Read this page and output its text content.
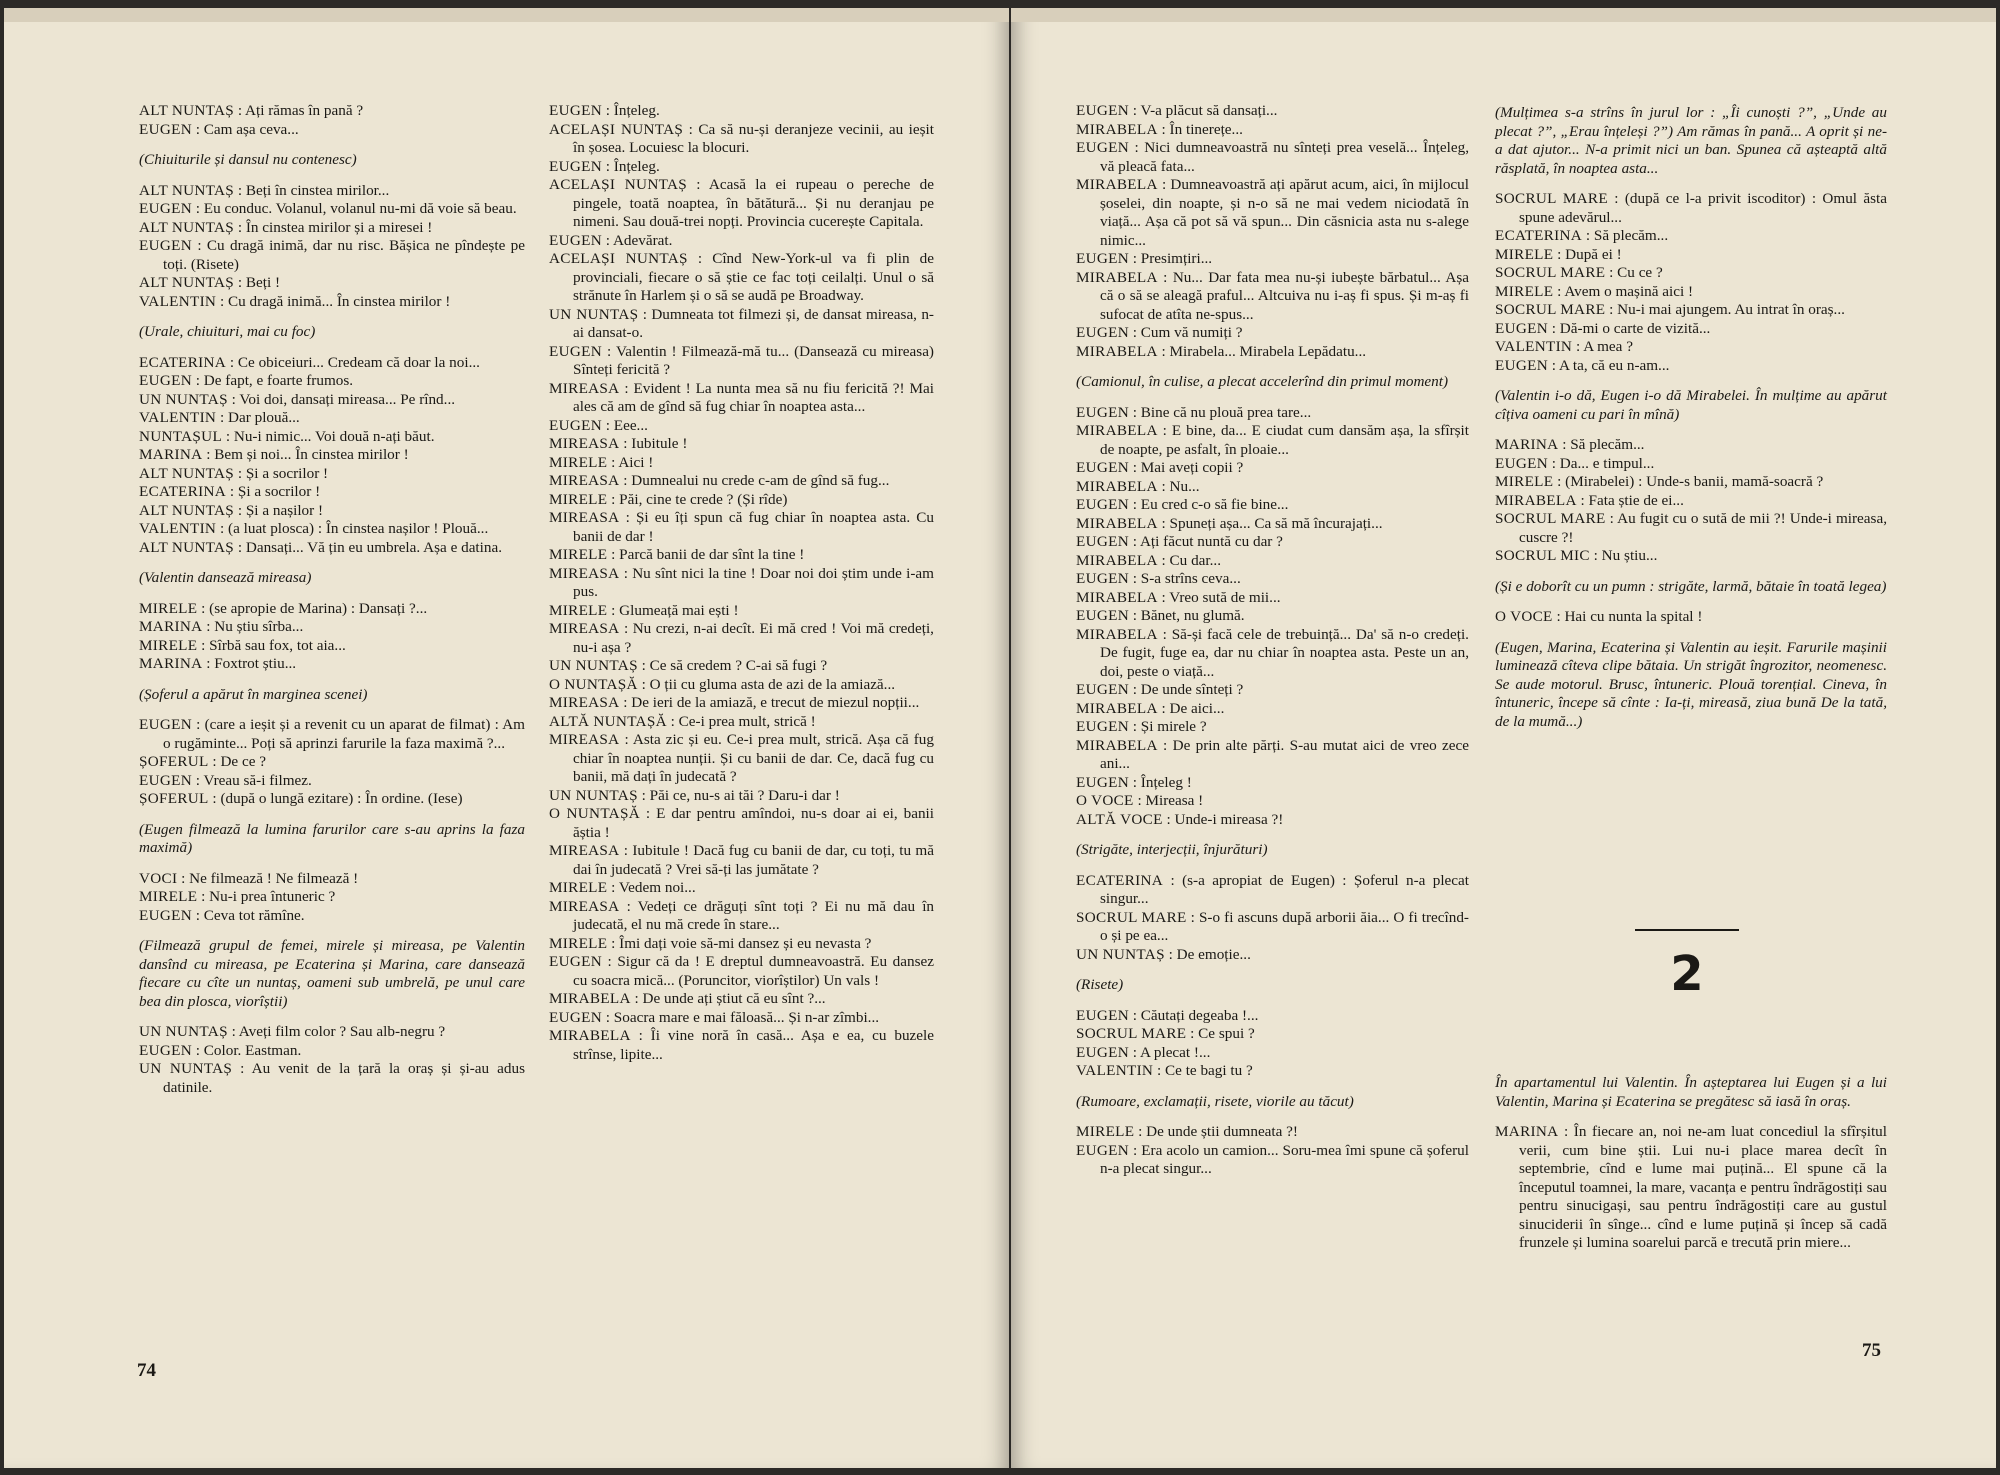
ALT NUNTAȘ : Ați rămas în pană ?

EUGEN : Cam așa ceva...

(Chiuiturile și dansul nu contenesc)

ALT NUNTAȘ : Beți în cinstea mirilor...

EUGEN : Eu conduc. Volanul, volanul nu-mi dă voie să beau.

ALT NUNTAȘ : În cinstea mirilor și a miresei !

EUGEN : Cu dragă inimă, dar nu risc. Bășica ne pîndește pe toți. (Risete)

ALT NUNTAȘ : Beți !

VALENTIN : Cu dragă inimă... În cinstea mirilor !

(Urale, chiuituri, mai cu foc)

ECATERINA : Ce obiceiuri... Credeam că doar la noi...

EUGEN : De fapt, e foarte frumos.

UN NUNTAȘ : Voi doi, dansați mireasa... Pe rînd...

VALENTIN : Dar plouă...

NUNTAȘUL : Nu-i nimic... Voi două n-ați băut.

MARINA : Bem și noi... În cinstea mirilor !

ALT NUNTAȘ : Și a socrilor !

ECATERINA : Și a socrilor !

ALT NUNTAȘ : Și a nașilor !

VALENTIN : (a luat plosca) : În cinstea nașilor ! Plouă...

ALT NUNTAȘ : Dansați... Vă țin eu umbrela. Așa e datina.

(Valentin dansează mireasa)

MIRELE : (se apropie de Marina) : Dansați ?...

MARINA : Nu știu sîrba...

MIRELE : Sîrbă sau fox, tot aia...

MARINA : Foxtrot știu...

(Șoferul a apărut în marginea scenei)

EUGEN : (care a ieșit și a revenit cu un aparat de filmat) : Am o rugăminte... Poți să aprinzi farurile la faza maximă ?...

ȘOFERUL : De ce ?

EUGEN : Vreau să-i filmez.

ȘOFERUL : (după o lungă ezitare) : În ordine. (Iese)

(Eugen filmează la lumina farurilor care s-au aprins la faza maximă)

VOCI : Ne filmează ! Ne filmează !

MIRELE : Nu-i prea întuneric ?

EUGEN : Ceva tot rămîne.

(Filmează grupul de femei, mirele și mireasa, pe Valentin dansînd cu mireasa, pe Ecaterina și Marina, care dansează fiecare cu cîte un nuntaș, oameni sub umbrelă, pe unul care bea din plosca, viorîștii)

UN NUNTAȘ : Aveți film color ? Sau alb-negru ?

EUGEN : Color. Eastman.

UN NUNTAȘ : Au venit de la țară la oraș și și-au adus datinile.

EUGEN : Înțeleg.

ACELAȘI NUNTAȘ : Ca să nu-și deranjeze vecinii, au ieșit în șosea. Locuiesc la blocuri.

EUGEN : Înțeleg.

ACELAȘI NUNTAȘ : Acasă la ei rupeau o pereche de pingele, toată noaptea, în bătătură... Și nu deranjau pe nimeni. Sau două-trei nopți. Provincia cucerește Capitala.

EUGEN : Adevărat.

ACELAȘI NUNTAȘ : Cînd New-York-ul va fi plin de provinciali, fiecare o să știe ce fac toți ceilalți. Unul o să strănute în Harlem și o să se audă pe Broadway.

UN NUNTAȘ : Dumneata tot filmezi și, de dansat mireasa, n-ai dansat-o.

EUGEN : Valentin ! Filmează-mă tu... (Dansează cu mireasa) Sînteți fericită ?

MIREASA : Evident ! La nunta mea să nu fiu fericită ?! Mai ales că am de gînd să fug chiar în noaptea asta...

EUGEN : Eee...

MIREASA : Iubitule !

MIRELE : Aici !

MIREASA : Dumnealui nu crede c-am de gînd să fug...

MIRELE : Păi, cine te crede ? (Și rîde)

MIREASA : Și eu îți spun că fug chiar în noaptea asta. Cu banii de dar !

MIRELE : Parcă banii de dar sînt la tine !

MIREASA : Nu sînt nici la tine ! Doar noi doi știm unde i-am pus.

MIRELE : Glumeață mai ești !

MIREASA : Nu crezi, n-ai decît. Ei mă cred ! Voi mă credeți, nu-i așa ?

UN NUNTAȘ : Ce să credem ? C-ai să fugi ?

O NUNTAȘĂ : O ții cu gluma asta de azi de la amiază...

MIREASA : De ieri de la amiază, e trecut de miezul nopții...

ALTĂ NUNTAȘĂ : Ce-i prea mult, strică !

MIREASA : Asta zic și eu. Ce-i prea mult, strică. Așa că fug chiar în noaptea nunții. Și cu banii de dar. Ce, dacă fug cu banii, mă dați în judecată ?

UN NUNTAȘ : Păi ce, nu-s ai tăi ? Daru-i dar !

O NUNTAȘĂ : E dar pentru amîndoi, nu-s doar ai ei, banii ăștia !

MIREASA : Iubitule ! Dacă fug cu banii de dar, cu toți, tu mă dai în judecată ? Vrei să-ți las jumătate ?

MIRELE : Vedem noi...

MIREASA : Vedeți ce drăguți sînt toți ? Ei nu mă dau în judecată, el nu mă crede în stare...

MIRELE : Îmi dați voie să-mi dansez și eu nevasta ?

EUGEN : Sigur că da ! E dreptul dumneavoastră. Eu dansez cu soacra mică... (Poruncitor, viorîștilor) Un vals !

MIRABELA : De unde ați știut că eu sînt ?...

EUGEN : Soacra mare e mai făloasă... Și n-ar zîmbi...

MIRABELA : Îi vine noră în casă... Așa e ea, cu buzele strînse, lipite...

74

EUGEN : V-a plăcut să dansați...

MIRABELA : În tinerețe...

EUGEN : Nici dumneavoastră nu sînteți prea veselă... Înțeleg, vă pleacă fata...

MIRABELA : Dumneavoastră ați apărut acum, aici, în mijlocul șoselei, din noapte, și n-o să ne mai vedem niciodată în viață... Așa că pot să vă spun... Din căsnicia asta nu s-alege nimic...

EUGEN : Presimțiri...

MIRABELA : Nu... Dar fata mea nu-și iubește bărbatul... Așa că o să se aleagă praful... Altcuiva nu i-aș fi spus. Și m-aș fi sufocat de atîta ne-spus...

EUGEN : Cum vă numiți ?

MIRABELA : Mirabela... Mirabela Lepădatu...

(Camionul, în culise, a plecat accelerînd din primul moment)

EUGEN : Bine că nu plouă prea tare...

MIRABELA : E bine, da... E ciudat cum dansăm așa, la sfîrșit de noapte, pe asfalt, în ploaie...

EUGEN : Mai aveți copii ?

MIRABELA : Nu...

EUGEN : Eu cred c-o să fie bine...

MIRABELA : Spuneți așa... Ca să mă încurajați...

EUGEN : Ați făcut nuntă cu dar ?

MIRABELA : Cu dar...

EUGEN : S-a strîns ceva...

MIRABELA : Vreo sută de mii...

EUGEN : Bănet, nu glumă.

MIRABELA : Să-și facă cele de trebuință... Da' să n-o credeți. De fugit, fuge ea, dar nu chiar în noaptea asta. Peste un an, doi, peste o viață...

EUGEN : De unde sînteți ?

MIRABELA : De aici...

EUGEN : Și mirele ?

MIRABELA : De prin alte părți. S-au mutat aici de vreo zece ani...

EUGEN : Înțeleg !

O VOCE : Mireasa !

ALTĂ VOCE : Unde-i mireasa ?!

(Strigăte, interjecții, înjurături)

ECATERINA : (s-a apropiat de Eugen) : Șoferul n-a plecat singur...

SOCRUL MARE : S-o fi ascuns după arborii ăia... O fi trecînd-o și pe ea...

UN NUNTAȘ : De emoție...

(Risete)

EUGEN : Căutați degeaba !...

SOCRUL MARE : Ce spui ?

EUGEN : A plecat !...

VALENTIN : Ce te bagi tu ?

(Rumoare, exclamații, risete, viorile au tăcut)

MIRELE : De unde știi dumneata ?!

EUGEN : Era acolo un camion... Soru-mea îmi spune că șoferul n-a plecat singur...

(Mulțimea s-a strîns în jurul lor : „Îi cunoști ?”, „Unde au plecat ?”, „Erau înțeleși ?”) Am rămas în pană... A oprit și ne-a dat ajutor... N-a primit nici un ban. Spunea că așteaptă altă răsplată, în noaptea asta...

SOCRUL MARE : (după ce l-a privit iscoditor) : Omul ăsta spune adevărul...

ECATERINA : Să plecăm...

MIRELE : După ei !

SOCRUL MARE : Cu ce ?

MIRELE : Avem o mașină aici !

SOCRUL MARE : Nu-i mai ajungem. Au intrat în oraș...

EUGEN : Dă-mi o carte de vizită...

VALENTIN : A mea ?

EUGEN : A ta, că eu n-am...

(Valentin i-o dă, Eugen i-o dă Mirabelei. În mulțime au apărut cîțiva oameni cu pari în mînă)

MARINA : Să plecăm...

EUGEN : Da... e timpul...

MIRELE : (Mirabelei) : Unde-s banii, mamă-soacră ?

MIRABELA : Fata știe de ei...

SOCRUL MARE : Au fugit cu o sută de mii ?! Unde-i mireasa, cuscre ?!

SOCRUL MIC : Nu știu...

(Și e doborît cu un pumn : strigăte, larmă, bătaie în toată legea)

O VOCE : Hai cu nunta la spital !

(Eugen, Marina, Ecaterina și Valentin au ieșit. Farurile mașinii luminează cîteva clipe bătaia. Un strigăt îngrozitor, neomenesc. Se aude motorul. Brusc, întuneric. Plouă torențial. Cineva, în întuneric, începe să cînte : Ia-ți, mireasă, ziua bună De la tată, de la mumă...)

2

În apartamentul lui Valentin. În așteptarea lui Eugen și a lui Valentin, Marina și Ecaterina se pregătesc să iasă în oraș.

MARINA : În fiecare an, noi ne-am luat concediul la sfîrșitul verii, cum bine știi. Lui nu-i place marea decît în septembrie, cînd e lume mai puțină... El spune că la începutul toamnei, la mare, vacanța e pentru îndrăgostiți sau pentru sinucigași, sau pentru îndrăgostiți care au gustul sinuciderii în sînge... cînd e lume puțină și încep să cadă frunzele și lumina soarelui parcă e trecută prin miere...

75
